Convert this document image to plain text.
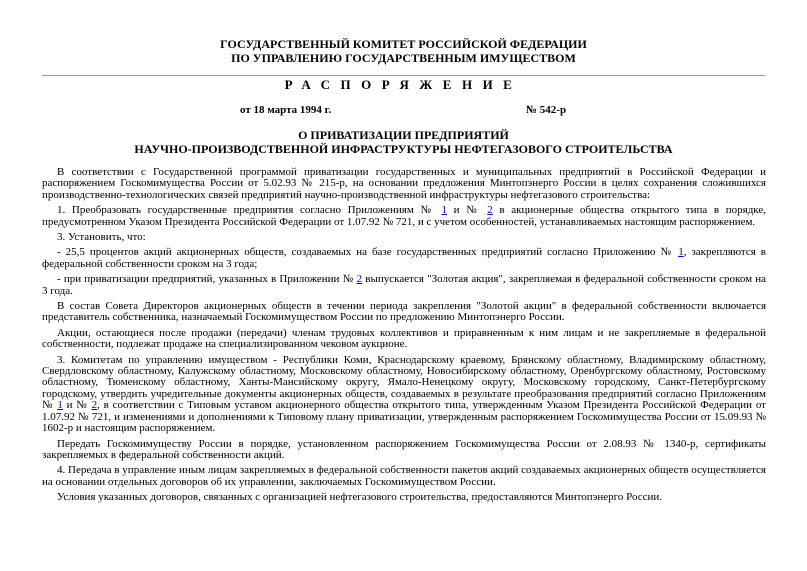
ГОСУДАРСТВЕННЫЙ КОМИТЕТ РОССИЙСКОЙ ФЕДЕРАЦИИ
ПО УПРАВЛЕНИЮ ГОСУДАРСТВЕННЫМ ИМУЩЕСТВОМ
РАСПОРЯЖЕНИЕ
от 18 марта 1994 г.	№ 542-р
О ПРИВАТИЗАЦИИ ПРЕДПРИЯТИЙ
НАУЧНО-ПРОИЗВОДСТВЕННОЙ ИНФРАСТРУКТУРЫ НЕФТЕГАЗОВОГО СТРОИТЕЛЬСТВА

В соответствии с Государственной программой приватизации государственных и муниципальных предприятий в Российской Федерации и распоряжением Госкомимущества России от 5.02.93 № 215-р, на основании предложения Минтопэнерго России в целях сохранения сложившихся производственно-технологических связей предприятий научно-производственной инфраструктуры нефтегазового строительства:

1. Преобразовать государственные предприятия согласно Приложениям № 1 и № 2 в акционерные общества открытого типа в порядке, предусмотренном Указом Президента Российской Федерации от 1.07.92 № 721, и с учетом особенностей, устанавливаемых настоящим распоряжением.

3. Установить, что:

- 25,5 процентов акций акционерных обществ, создаваемых на базе государственных предприятий согласно Приложению № 1, закрепляются в федеральной собственности сроком на 3 года;

- при приватизации предприятий, указанных в Приложении № 2 выпускается "Золотая акция", закрепляемая в федеральной собственности сроком на 3 года.

В состав Совета Директоров акционерных обществ в течении периода закрепления "Золотой акции" в федеральной собственности включается представитель собственника, назначаемый Госкомимуществом России по предложению Минтопэнерго России.

Акции, остающиеся после продажи (передачи) членам трудовых коллективов и приравненным к ним лицам и не закрепляемые в федеральной собственности, подлежат продаже на специализированном чековом аукционе.

3. Комитетам по управлению имуществом - Республики Коми, Краснодарскому краевому, Брянскому областному, Владимирскому областному, Свердловскому областному, Калужскому областному, Московскому областному, Новосибирскому областному, Оренбургскому областному, Ростовскому областному, Тюменскому областному, Ханты-Мансийскому округу, Ямало-Ненецкому округу, Московскому городскому, Санкт-Петербургскому городскому, утвердить учредительные документы акционерных обществ, создаваемых в результате преобразования предприятий согласно Приложениям № 1 и № 2, в соответствии с Типовым уставом акционерного общества открытого типа, утвержденным Указом Президента Российской Федерации от 1.07.92 № 721, и изменениями и дополнениями к Типовому плану приватизации, утвержденным распоряжением Госкомимущества России от 15.09.93 № 1602-р и настоящим распоряжением.

Передать Госкомимуществу России в порядке, установленном распоряжением Госкомимущества России от 2.08.93 № 1340-р, сертификаты закрепляемых в федеральной собственности акций.

4. Передача в управление иным лицам закрепляемых в федеральной собственности пакетов акций создаваемых акционерных обществ осуществляется на основании отдельных договоров об их управлении, заключаемых Госкомимуществом России.

Условия указанных договоров, связанных с организацией нефтегазового строительства, предоставляются Минтопэнерго России.
